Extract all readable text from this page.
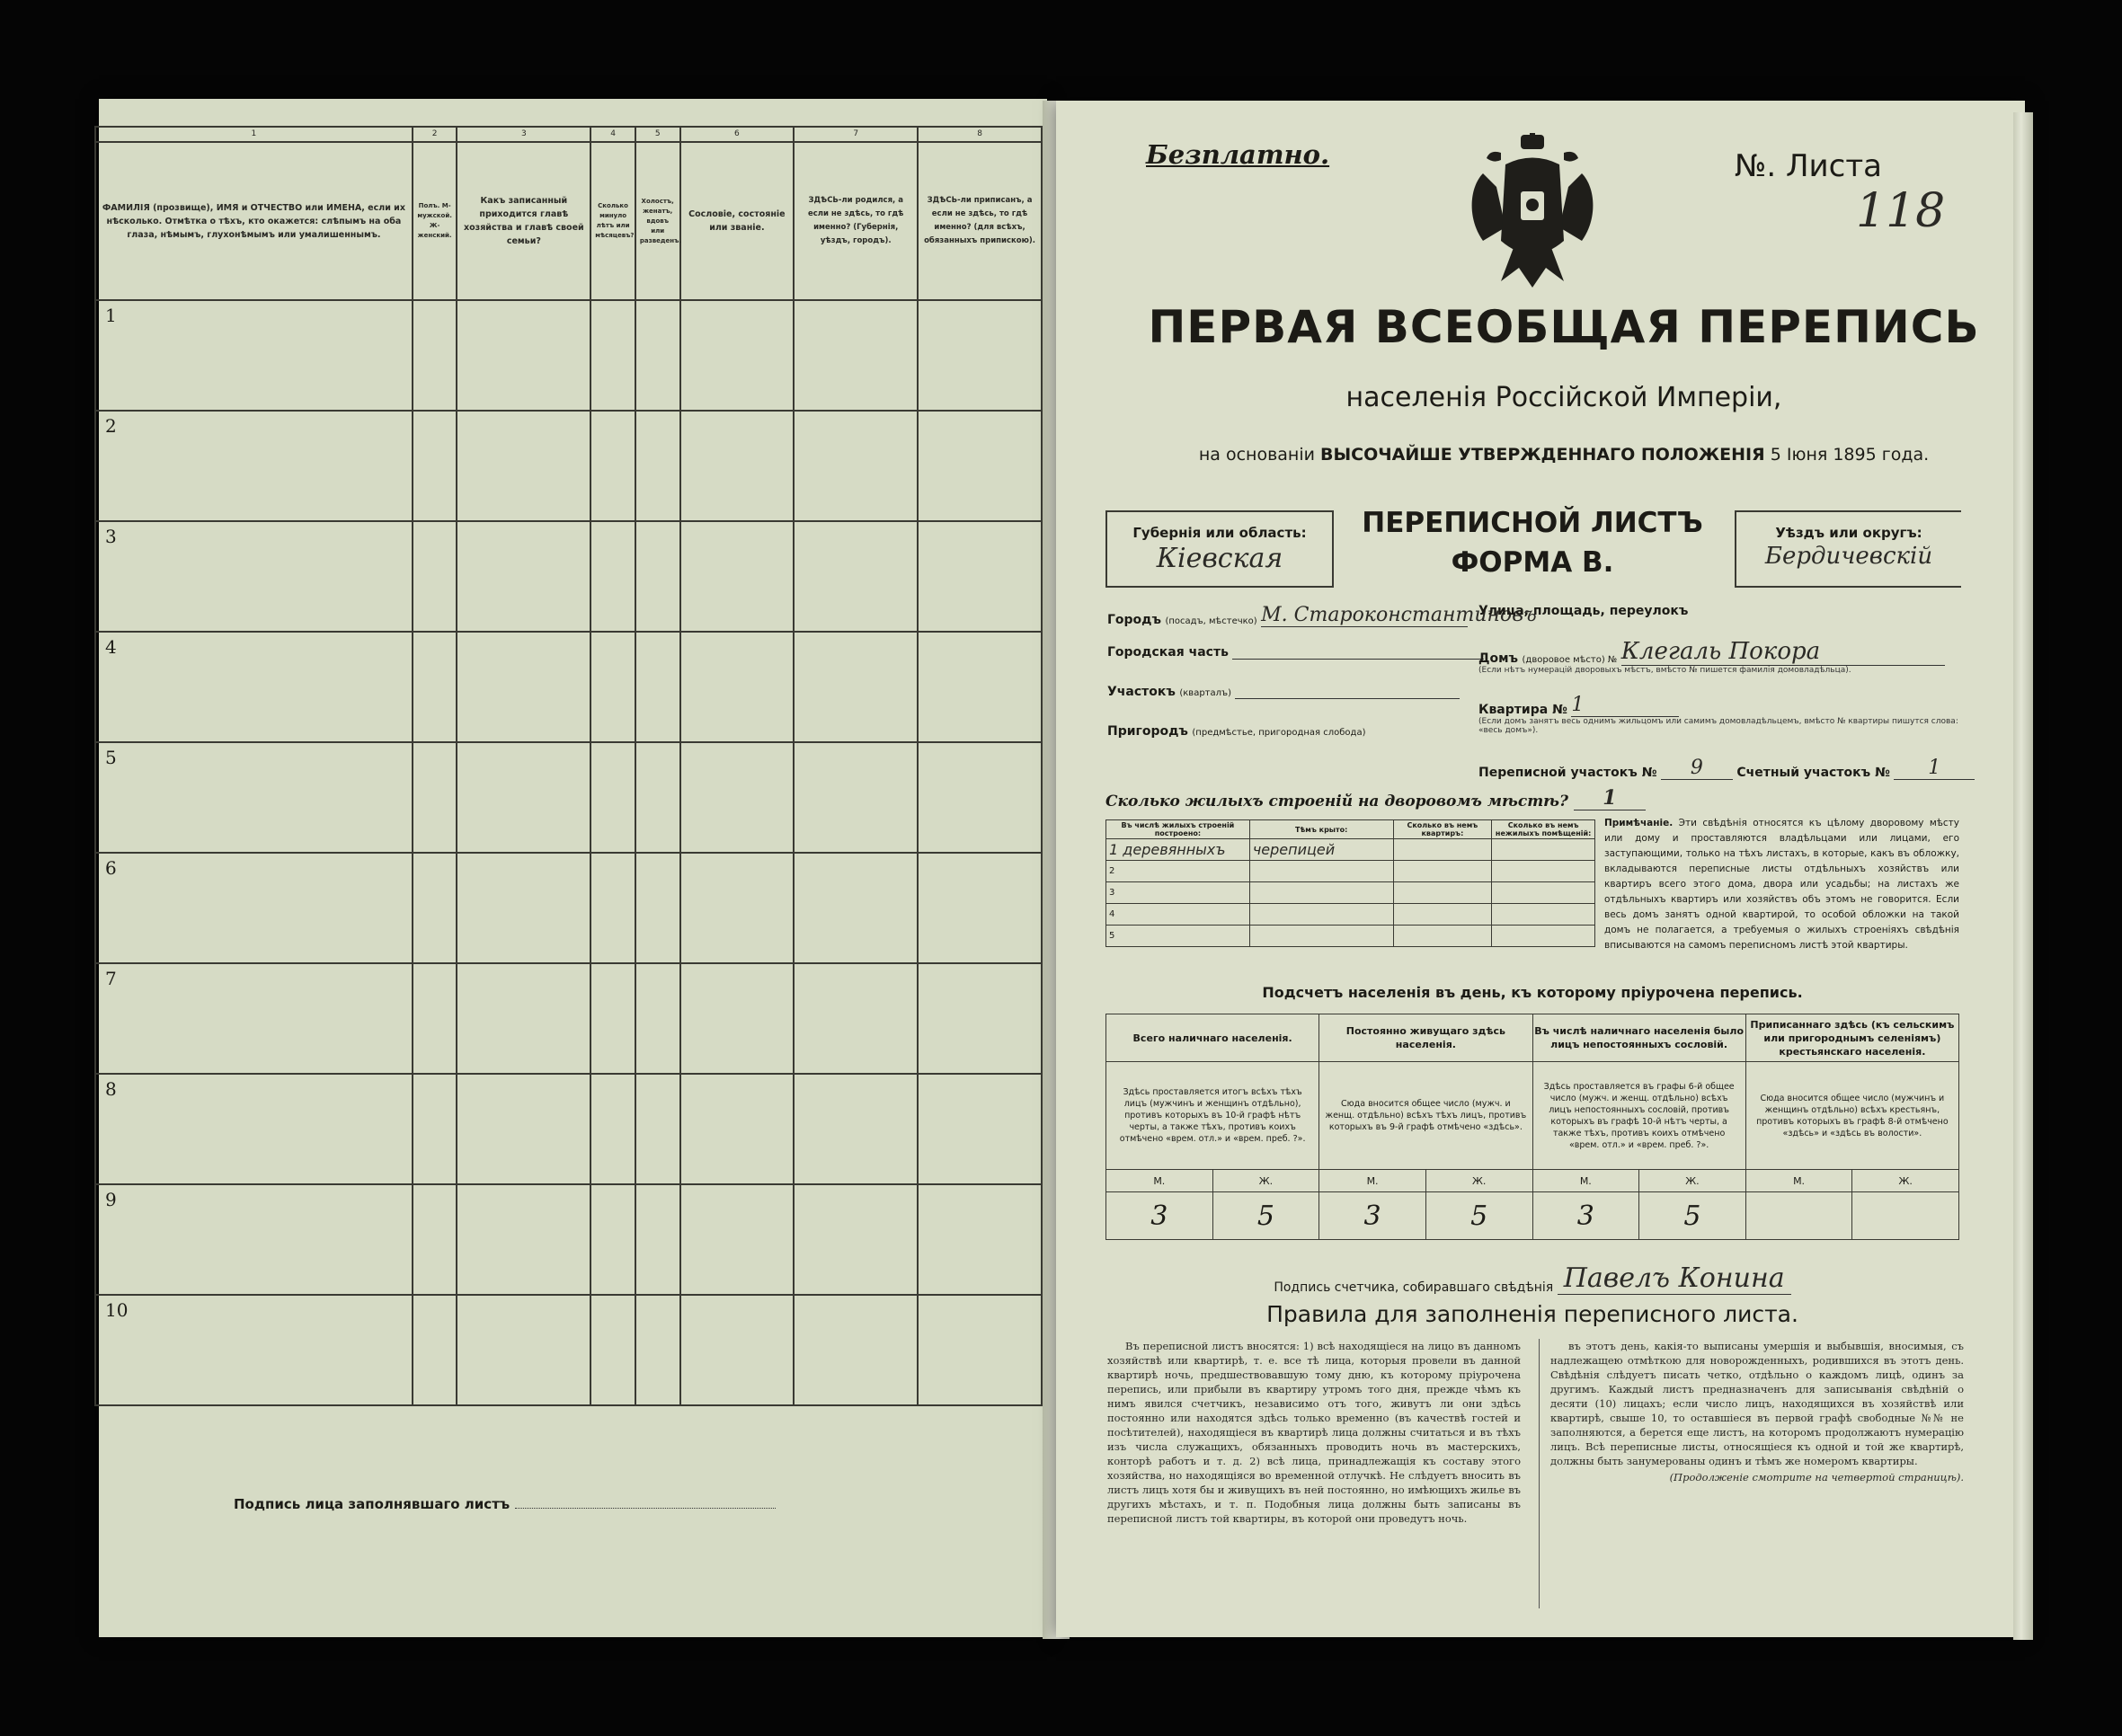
1	2	3	4	5	6	7	8
ФАМИЛІЯ (прозвище), ИМЯ и ОТЧЕСТВО или ИМЕНА, если их нѣсколько. Отмѣтка о тѣхъ, кто окажется: слѣпымъ на оба глаза, нѣмымъ, глухонѣмымъ или умалишеннымъ.	Полъ. М-мужской. Ж-женский.	Какъ записанный приходится главѣ хозяйства и главѣ своей семьи?	Сколько минуло лѣтъ или мѣсяцевъ?	Холостъ, женатъ, вдовъ или разведенъ.	Сословіе, состояніе или званіе.	ЗДѢСЬ-ли родился, а если не здѣсь, то гдѣ именно? (Губернія, уѣздъ, городъ).	ЗДѢСЬ-ли приписанъ, а если не здѣсь, то гдѣ именно? (для всѣхъ, обязанныхъ припискою).

1							

2							

3							

4							

5							

6							

7							

8							

9							

10							

Подпись лица заполнявшаго листъ
Безплатно.	№. Листа
118
ПЕРВАЯ ВСЕОБЩАЯ ПЕРЕПИСЬ
населенія Россійской Имперіи,
на основаніи ВЫСОЧАЙШЕ УТВЕРЖДЕННАГО ПОЛОЖЕНІЯ 5 Іюня 1895 года.
Губернія или область:
Кіевская
ПЕРЕПИСНОЙ ЛИСТЪ
ФОРМА В.
Уѣздъ или округъ:
Бердичевскій
Городъ (посадъ, мѣстечко) М. Староконстантиновъ
Городская часть
Участокъ (кварталъ)
Пригородъ (предмѣстье, пригородная слобода)
Улица, площадь, переулокъ
Домъ (дворовое мѣсто) № Клегаль Покора
(Если нѣтъ нумерацій дворовыхъ мѣстъ, вмѣсто № пишется фамилія домовладѣльца).
Квартира № 1
(Если домъ занятъ весь однимъ жильцомъ или самимъ домовладѣльцемъ, вмѣсто № квартиры пишутся слова: «весь домъ»).
Переписной участокъ № 9	Счетный участокъ № 1
Сколько жилыхъ строеній на дворовомъ мѣстѣ? 1
Въ числѣ жилыхъ строеній построено:	Тѣмъ крыто:	Сколько въ немъ квартиръ:	Сколько въ немъ нежилыхъ помѣщеній:
1 деревянныхъ	черепицей		
2			
3			
4			
5			
Примѣчаніе. Эти свѣдѣнія относятся къ цѣлому дворовому мѣсту или дому и проставляются владѣльцами или лицами, его заступающими, только на тѣхъ листахъ, в которые, какъ въ обложку, вкладываются переписные листы отдѣльныхъ хозяйствъ или квартиръ всего этого дома, двора или усадьбы; на листахъ же отдѣльныхъ квартиръ или хозяйствъ объ этомъ не говорится. Если весь домъ занятъ одной квартирой, то особой обложки на такой домъ не полагается, а требуемыя о жилыхъ строеніяхъ свѣдѣнія вписываются на самомъ переписномъ листѣ этой квартиры.
Подсчетъ населенія въ день, къ которому пріурочена перепись.
Всего наличнаго населенія.		Постоянно живущаго здѣсь населенія.		Въ числѣ наличнаго населенія было лицъ непостоянныхъ сословій.		Приписаннаго здѣсь (къ сельскимъ или пригороднымъ селеніямъ) крестьянскаго населенія.	
Здѣсь проставляется итогъ всѣхъ тѣхъ лицъ (мужчинъ и женщинъ отдѣльно), противъ которыхъ въ 10-й графѣ нѣтъ черты, а также тѣхъ, противъ коихъ отмѣчено «врем. отл.» и «врем. преб. ?».		Сюда вносится общее число (мужч. и женщ. отдѣльно) всѣхъ тѣхъ лицъ, противъ которыхъ въ 9-й графѣ отмѣчено «здѣсь».		Здѣсь проставляется въ графы 6-й общее число (мужч. и женщ. отдѣльно) всѣхъ лицъ непостоянныхъ сословій, противъ которыхъ въ графѣ 10-й нѣтъ черты, а также тѣхъ, противъ коихъ отмѣчено «врем. отл.» и «врем. преб. ?».		Сюда вносится общее число (мужчинъ и женщинъ отдѣльно) всѣхъ крестьянъ, противъ которыхъ въ графѣ 8-й отмѣчено «здѣсь» и «здѣсь въ волости».	
М.	Ж.	М.	Ж.	М.	Ж.	М.	Ж.
3	5	3	5	3	5		
Подпись счетчика, собиравшаго свѣдѣнія Павелъ Конина
Правила для заполненія переписного листа.

Въ переписной листъ вносятся: 1) всѣ находящіеся на лицо въ данномъ хозяйствѣ или квартирѣ, т. е. все тѣ лица, которыя провели въ данной квартирѣ ночь, предшествовавшую тому дню, къ которому пріурочена перепись, или прибыли въ квартиру утромъ того дня, прежде чѣмъ къ нимъ явился счетчикъ, независимо отъ того, живутъ ли они здѣсь постоянно или находятся здѣсь только временно (въ качествѣ гостей и посѣтителей), находящіеся въ квартирѣ лица должны считаться и въ тѣхъ изъ числа служащихъ, обязанныхъ проводить ночь въ мастерскихъ, конторѣ работъ и т. д. 2) всѣ лица, принадлежащія къ составу этого хозяйства, но находящіяся во временной отлучкѣ. Не слѣдуетъ вносить въ листъ лицъ хотя бы и живущихъ въ ней постоянно, но имѣющихъ жилье въ другихъ мѣстахъ, и т. п. Подобныя лица должны быть записаны въ переписной листъ той квартиры, въ которой они проведутъ ночь.

въ этотъ день, какія-то выписаны умершія и выбывшія, вносимыя, съ надлежащею отмѣткою для новорожденныхъ, родившихся въ этотъ день. Свѣдѣнія слѣдуетъ писать четко, отдѣльно о каждомъ лицѣ, одинъ за другимъ. Каждый листъ предназначенъ для записыванія свѣдѣній о десяти (10) лицахъ; если число лицъ, находящихся въ хозяйствѣ или квартирѣ, свыше 10, то оставшіеся въ первой графѣ свободные №№ не заполняются, а берется еще листъ, на которомъ продолжаютъ нумерацію лицъ. Всѣ переписные листы, относящіеся къ одной и той же квартирѣ, должны быть занумерованы одинъ и тѣмъ же номеромъ квартиры.

(Продолженіе смотрите на четвертой страницѣ).
